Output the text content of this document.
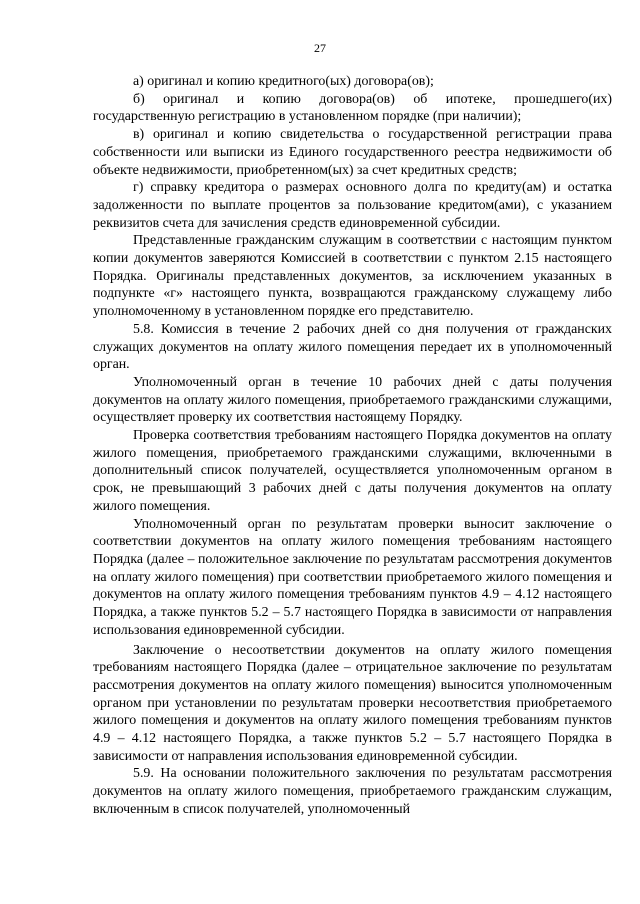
27

а) оригинал и копию кредитного(ых) договора(ов);

б) оригинал и копию договора(ов) об ипотеке, прошедшего(их) государственную регистрацию в установленном порядке (при наличии);

в) оригинал и копию свидетельства о государственной регистрации права собственности или выписки из Единого государственного реестра недвижимости об объекте недвижимости, приобретенном(ых) за счет кредитных средств;

г) справку кредитора о размерах основного долга по кредиту(ам) и остатка задолженности по выплате процентов за пользование кредитом(ами), с указанием реквизитов счета для зачисления средств единовременной субсидии.

Представленные гражданским служащим в соответствии с настоящим пунктом копии документов заверяются Комиссией в соответствии с пунктом 2.15 настоящего Порядка. Оригиналы представленных документов, за исключением указанных в подпункте «г» настоящего пункта, возвращаются гражданскому служащему либо уполномоченному в установленном порядке его представителю.

5.8. Комиссия в течение 2 рабочих дней со дня получения от гражданских служащих документов на оплату жилого помещения передает их в уполномоченный орган.

Уполномоченный орган в течение 10 рабочих дней с даты получения документов на оплату жилого помещения, приобретаемого гражданскими служащими, осуществляет проверку их соответствия настоящему Порядку.

Проверка соответствия требованиям настоящего Порядка документов на оплату жилого помещения, приобретаемого гражданскими служащими, включенными в дополнительный список получателей, осуществляется уполномоченным органом в срок, не превышающий 3 рабочих дней с даты получения документов на оплату жилого помещения.

Уполномоченный орган по результатам проверки выносит заключение о соответствии документов на оплату жилого помещения требованиям настоящего Порядка (далее – положительное заключение по результатам рассмотрения документов на оплату жилого помещения) при соответствии приобретаемого жилого помещения и документов на оплату жилого помещения требованиям пунктов 4.9 – 4.12 настоящего Порядка, а также пунктов 5.2 – 5.7 настоящего Порядка в зависимости от направления использования единовременной субсидии.

Заключение о несоответствии документов на оплату жилого помещения требованиям настоящего Порядка (далее – отрицательное заключение по результатам рассмотрения документов на оплату жилого помещения) выносится уполномоченным органом при установлении по результатам проверки несоответствия приобретаемого жилого помещения и документов на оплату жилого помещения требованиям пунктов 4.9 – 4.12 настоящего Порядка, а также пунктов 5.2 – 5.7 настоящего Порядка в зависимости от направления использования единовременной субсидии.

5.9. На основании положительного заключения по результатам рассмотрения документов на оплату жилого помещения, приобретаемого гражданским служащим, включенным в список получателей, уполномоченный
